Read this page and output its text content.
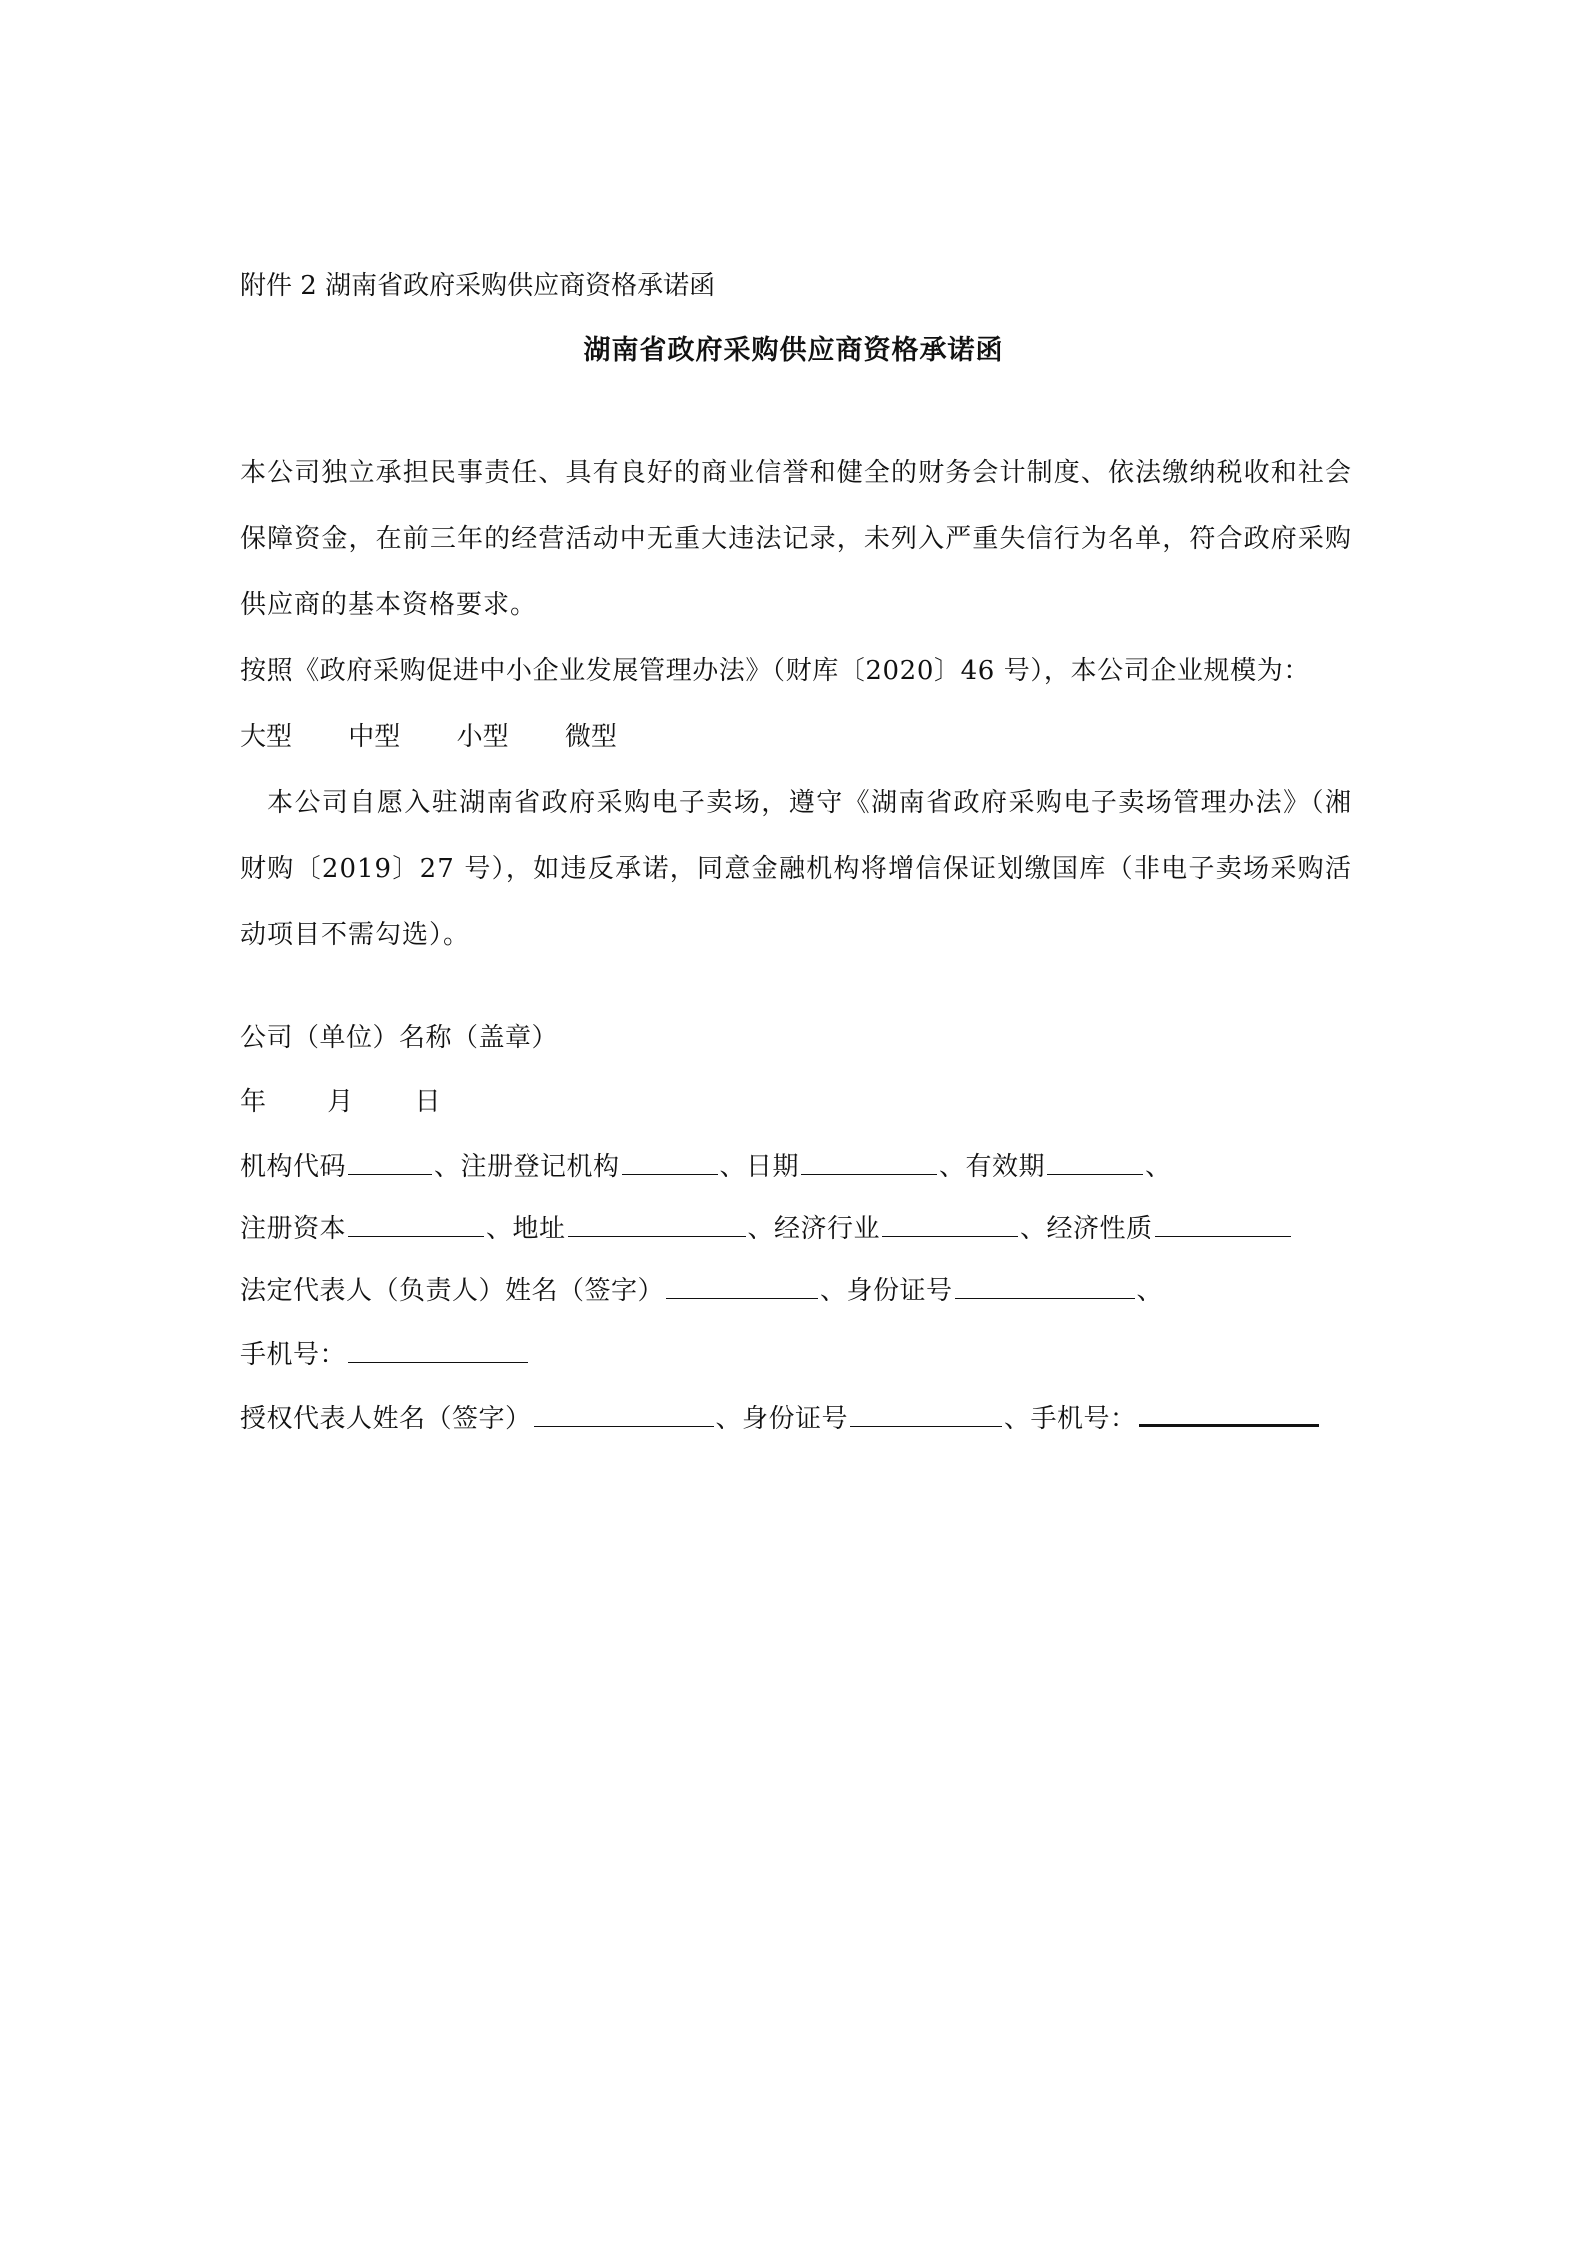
附件 2 湖南省政府采购供应商资格承诺函
湖南省政府采购供应商资格承诺函
本公司独立承担民事责任、具有良好的商业信誉和健全的财务会计制度、依法缴纳税收和社会保障资金，在前三年的经营活动中无重大违法记录，未列入严重失信行为名单，符合政府采购供应商的基本资格要求。
按照《政府采购促进中小企业发展管理办法》（财库〔2020〕46 号），本公司企业规模为：
大型 中型 小型 微型
本公司自愿入驻湖南省政府采购电子卖场，遵守《湖南省政府采购电子卖场管理办法》（湘财购〔2019〕27 号），如违反承诺，同意金融机构将增信保证划缴国库（非电子卖场采购活动项目不需勾选）。
公司（单位）名称（盖章）
年 月 日
机构代码	、注册登记机构	、日期	、有效期	、
注册资本	、地址	、经济行业	、经济性质
法定代表人（负责人）姓名（签字）	、身份证号	、
手机号：
授权代表人姓名（签字）	、身份证号	、手机号：
